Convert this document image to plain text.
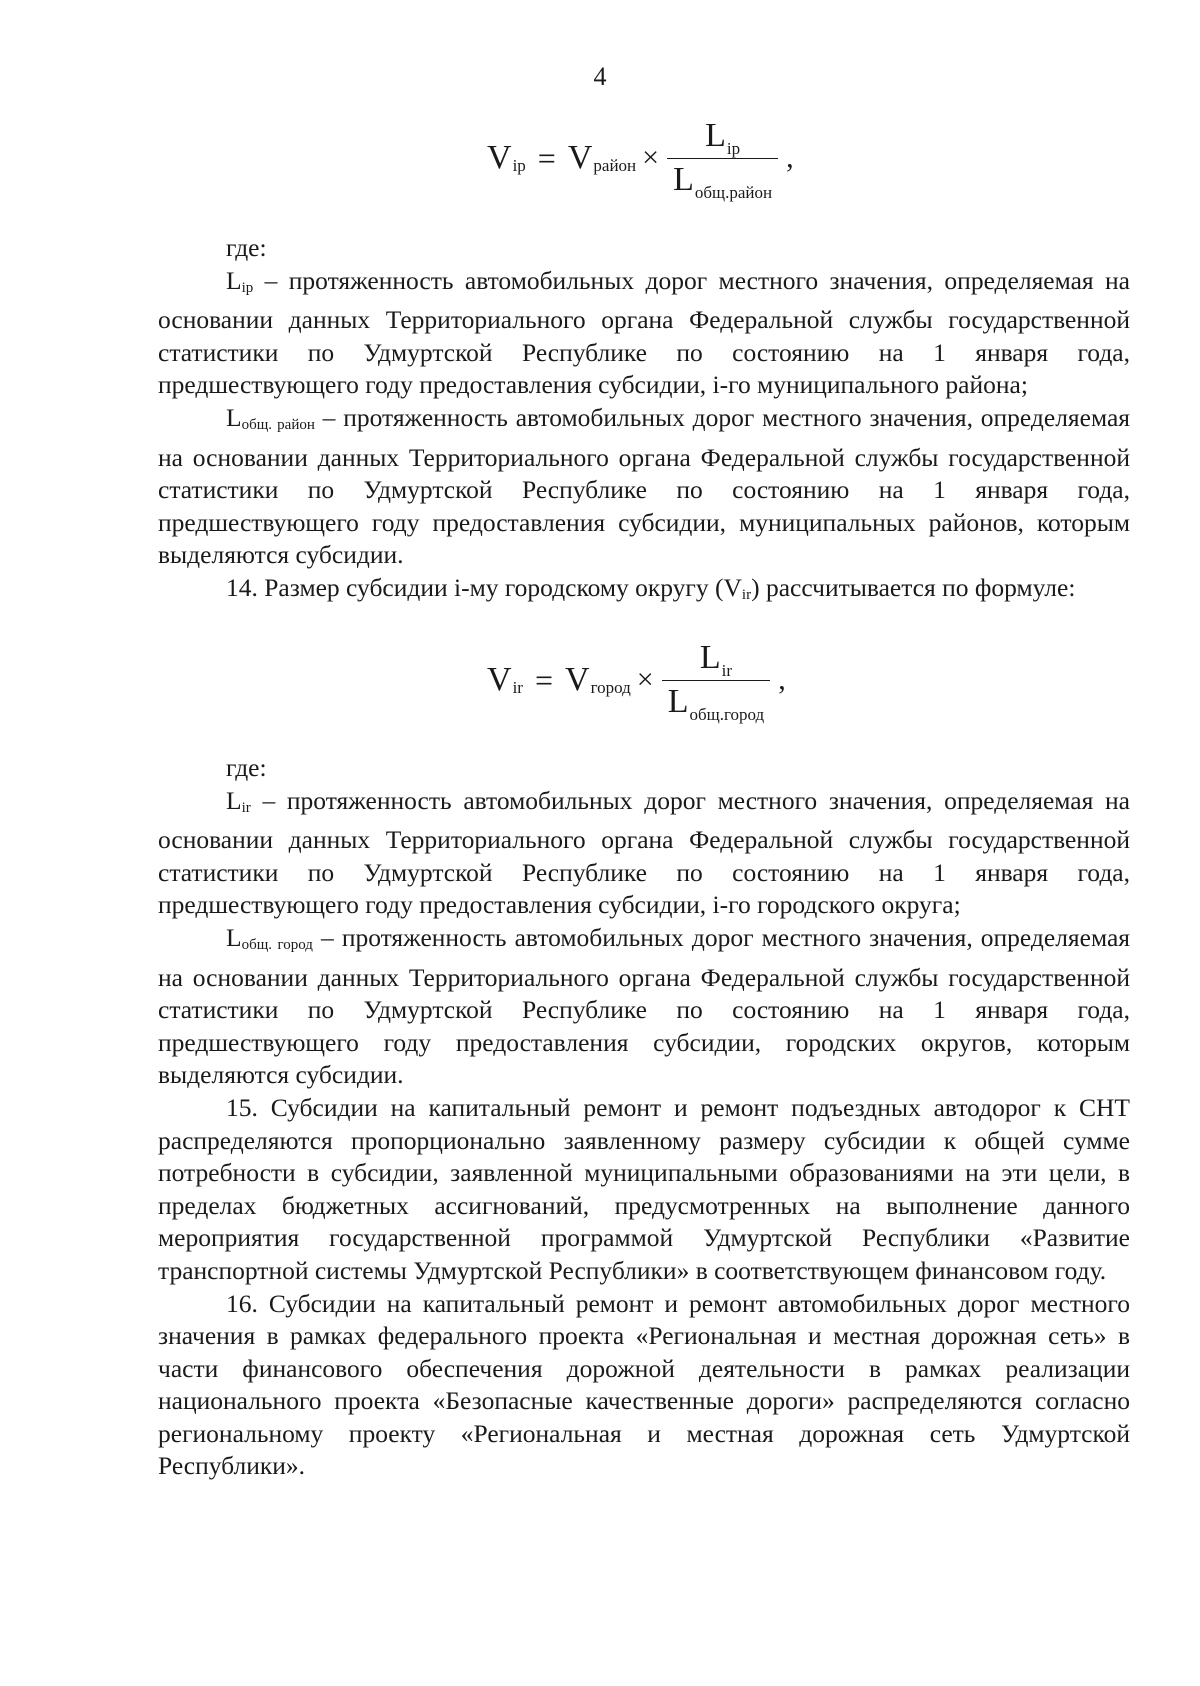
4
V ip = V район × $\frac{\text{L ip}}{\text{L общ.район}}$ ,

где:

$L_{ip}$ – протяженность автомобильных дорог местного значения, определяемая на основании данных Территориального органа Федеральной службы государственной статистики по Удмуртской Республике по состоянию на 1 января года, предшествующего году предоставления субсидии, i-го муниципального района;

$L_{общ. район}$ – протяженность автомобильных дорог местного значения, определяемая на основании данных Территориального органа Федеральной службы государственной статистики по Удмуртской Республике по состоянию на 1 января года, предшествующего году предоставления субсидии, муниципальных районов, которым выделяются субсидии.

14. Размер субсидии i-му городскому округу $(V_{ir})$ рассчитывается по формуле:

V ir = V город × $\frac{\text{L ir}}{\text{L общ.город}}$ ,

где:

$L_{ir}$ – протяженность автомобильных дорог местного значения, определяемая на основании данных Территориального органа Федеральной службы государственной статистики по Удмуртской Республике по состоянию на 1 января года, предшествующего году предоставления субсидии, i-го городского округа;

$L_{общ. город}$ – протяженность автомобильных дорог местного значения, определяемая на основании данных Территориального органа Федеральной службы государственной статистики по Удмуртской Республике по состоянию на 1 января года, предшествующего году предоставления субсидии, городских округов, которым выделяются субсидии.

15. Субсидии на капитальный ремонт и ремонт подъездных автодорог к СНТ распределяются пропорционально заявленному размеру субсидии к общей сумме потребности в субсидии, заявленной муниципальными образованиями на эти цели, в пределах бюджетных ассигнований, предусмотренных на выполнение данного мероприятия государственной программой Удмуртской Республики «Развитие транспортной системы Удмуртской Республики» в соответствующем финансовом году.

16. Субсидии на капитальный ремонт и ремонт автомобильных дорог местного значения в рамках федерального проекта «Региональная и местная дорожная сеть» в части финансового обеспечения дорожной деятельности в рамках реализации национального проекта «Безопасные качественные дороги» распределяются согласно региональному проекту «Региональная и местная дорожная сеть Удмуртской Республики».
